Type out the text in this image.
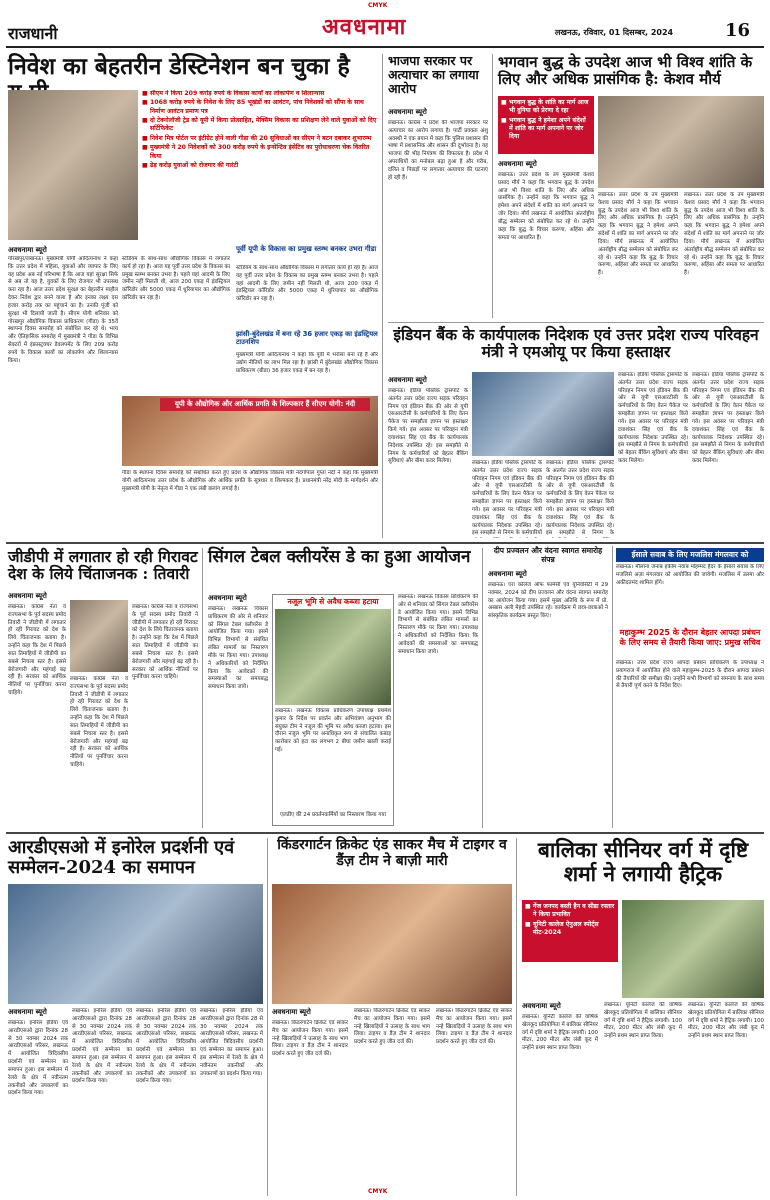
CMYK
राजधानी	अवधनामा	लखनऊ, रविवार, 01 दिसम्बर, 2024	16
निवेश का बेहतरीन डेस्टिनेशन बन चुका है
■ सीएम ने किया 209 करोड़ रुपये के विकास कार्यों का लोकार्पण व शिलान्यास
■ 1068 करोड़ रुपये के निवेश के लिए 85 भूखंडों का आवंटन, पांच निवेशकों को सौंपा के साथ निर्माण आवंटन प्रमाण पत्र
■ दो टेक्नोलॉजी ट्रेड को यूपी में किया प्रोत्साहित, मेक्सिम विकास का प्रशिक्षण लेने वाले युवाओं को दिए सर्टिफिकेट
■ निवेश मित्र पोर्टल पर इंटीग्रेट होने वाली गीडा की 20 सुविधाओं का सीएम ने बटन दबाकर शुभारम्भ
■ मुख्यमंत्री ने 20 निवेशकों को 300 करोड़ रुपये के इन्सेन्टिव इंसेटिव का पुरोधाधरणा चेक वितरित किया
■ ढेड़ करोड़ युवाओं को रोजगार की गारंटी
अवधनामा ब्यूरो
गोरखपुर/लखनऊ। मुख्यमंत्री योगी आदित्यनाथ ने कहा कि उत्तर प्रदेश में महिला, युवाओं और व्यापार के लिए यह प्रदेश अब नई परिभाषा है कि आज यहां सुरक्षा सिर्फ से अब तो यह है, युवकों के लिए रोजगार भी उपलब्ध करा रहा है। आज उत्तर प्रदेश सुरक्षा का बेहतरीन माहौल देकर निवेश द्वार बनने वाला है और इनका लक्ष्य दस हजार करोड़ तक का पहुंचाने का है। उनकी पूंजी को सुरक्षा भी दिलायी जाती है। सीएम योगी शनिवार को गोरखपुर औद्योगिक विकास प्राधिकरण (गीडा) के 35वें स्थापना दिवस समारोह को संबोधित कर रहे थे। भव्य और ऐतिहासिक समारोह में मुख्यमंत्री ने गीडा के विभिन्न सेक्टरों में इंफ्रास्ट्रक्चर डेवलपमेंट के लिए 209 करोड़ रुपये के विकास कार्यों का लोकार्पण और शिलान्यास किया।
पूर्वी यूपी के विकास का प्रमुख स्तम्भ बनकर उभरा गीडा
स्टेडियम के साथ-साथ औद्योगिक विकास में लगातार कार्य हो रहा है। आज यह पूर्वी उत्तर प्रदेश के विकास का प्रमुख स्तम्भ बनकर उभरा है। पहले यहां आदमी के लिए जमीन नहीं मिलती थी, आज 200 एकड़ में इंडस्ट्रियल कॉरिडोर और 5000 एकड़ में धुरियापार का औद्योगिक कॉरिडोर बन रहा है।
झांसी-बुंदेलखंड में बना रहे 36 हजार एकड़ का इंडस्ट्रियल टाउनशिप
मुख्यमंत्री योगी आदित्यनाथ ने कहा कि पूर्वी में भरोसा बना रहे हैं और उद्योग नीतियों का लाभ मिल रहा है। झांसी में बुंदेलखंड औद्योगिक विकास प्राधिकरण (बीडा) 36 हजार एकड़ में बन रहा है।
स्टेडियम के साथ-साथ औद्योगिक विकास में लगातार कार्य हो रहा है। आज यह पूर्वी उत्तर प्रदेश के विकास का प्रमुख स्तम्भ बनकर उभरा है। पहले यहां आदमी के लिए जमीन नहीं मिलती थी, आज 200 एकड़ में इंडस्ट्रियल कॉरिडोर और 5000 एकड़ में धुरियापार का औद्योगिक कॉरिडोर बन रहा है।
यूपी के औद्योगिक और आर्थिक प्रगति के शिल्पकार हैं सीएम योगी: नंदी
गीडा के स्थापना दिवस समारोह को संबोधित करते हुए प्रदेश के औद्योगिक विकास मंत्री नंदगोपाल गुप्ता नंदी ने कहा कि मुख्यमंत्री योगी आदित्यनाथ उत्तर प्रदेश के औद्योगिक और आर्थिक प्रगति के सूत्रधार व शिल्पकार हैं। प्रधानमंत्री नरेंद्र मोदी के मार्गदर्शन और मुख्यमंत्री योगी के नेतृत्व में गीडा ने एक लंबी छलांग लगाई है।
भाजपा सरकार पर अत्याचार का लगाया आरोप
अवधनामा ब्यूरो
लखनऊ। कांग्रेस ने प्रदेश की भाजपा सरकार पर अत्याचार का आरोप लगाया है। पार्टी प्रवक्ता अंशु अवस्थी ने एक बयान में कहा कि पुलिस प्रशासन की भाषा में प्रशासनिक और शासन की दुर्भावना है। यह भाजपा की भीड़ नियंत्रण की विफलता है। प्रदेश में अपराधियों का मनोबल बढ़ा हुआ है और गरीब, दलित व पिछड़ों पर लगातार अत्याचार की घटनाएं हो रही हैं।
भगवान बुद्ध के उपदेश आज भी विश्व शांति के लिए और अधिक प्रासंगिक है: केशव मौर्य
■ भगवान बुद्ध के शांति का मार्ग आज भी दुनिया को प्रेरणा दे रहा
■ भगवान बुद्ध ने हमेशा अपने संदेशों में शांति का मार्ग अपनाने पर जोर दिया
अवधनामा ब्यूरो
लखनऊ। उत्तर प्रदेश के उप मुख्यमंत्री केशव प्रसाद मौर्य ने कहा कि भगवान बुद्ध के उपदेश आज भी विश्व शांति के लिए और अधिक प्रासंगिक है। उन्होंने कहा कि भगवान बुद्ध ने हमेशा अपने संदेशों में शांति का मार्ग अपनाने पर जोर दिया। मौर्य लखनऊ में आयोजित अंतर्राष्ट्रीय बौद्ध सम्मेलन को संबोधित कर रहे थे। उन्होंने कहा कि बुद्ध के विचार करुणा, अहिंसा और समता पर आधारित हैं।
लखनऊ। उत्तर प्रदेश के उप मुख्यमंत्री केशव प्रसाद मौर्य ने कहा कि भगवान बुद्ध के उपदेश आज भी विश्व शांति के लिए और अधिक प्रासंगिक है। उन्होंने कहा कि भगवान बुद्ध ने हमेशा अपने संदेशों में शांति का मार्ग अपनाने पर जोर दिया। मौर्य लखनऊ में आयोजित अंतर्राष्ट्रीय बौद्ध सम्मेलन को संबोधित कर रहे थे। उन्होंने कहा कि बुद्ध के विचार करुणा, अहिंसा और समता पर आधारित हैं।
लखनऊ। उत्तर प्रदेश के उप मुख्यमंत्री केशव प्रसाद मौर्य ने कहा कि भगवान बुद्ध के उपदेश आज भी विश्व शांति के लिए और अधिक प्रासंगिक है। उन्होंने कहा कि भगवान बुद्ध ने हमेशा अपने संदेशों में शांति का मार्ग अपनाने पर जोर दिया। मौर्य लखनऊ में आयोजित अंतर्राष्ट्रीय बौद्ध सम्मेलन को संबोधित कर रहे थे। उन्होंने कहा कि बुद्ध के विचार करुणा, अहिंसा और समता पर आधारित हैं।
इंडियन बैंक के कार्यपालक निदेशक एवं उत्तर प्रदेश राज्य परिवहन मंत्री ने एमओयू पर किया हस्ताक्षर
अवधनामा ब्यूरो
लखनऊ। इंडिया पब्लिक ट्रांसपोर्ट के अंतर्गत उत्तर प्रदेश राज्य सड़क परिवहन निगम एवं इंडियन बैंक की ओर से यूपी एसआरटीसी के कर्मचारियों के लिए वेतन पैकेज पर समझौता ज्ञापन पर हस्ताक्षर किये गये। इस अवसर पर परिवहन मंत्री दयाशंकर सिंह एवं बैंक के कार्यपालक निदेशक उपस्थित रहे। इस समझौते से निगम के कर्मचारियों को बेहतर बैंकिंग सुविधाएं और बीमा कवर मिलेगा।	लखनऊ। इंडिया पब्लिक ट्रांसपोर्ट के अंतर्गत उत्तर प्रदेश राज्य सड़क परिवहन निगम एवं इंडियन बैंक की ओर से यूपी एसआरटीसी के कर्मचारियों के लिए वेतन पैकेज पर समझौता ज्ञापन पर हस्ताक्षर किये गये। इस अवसर पर परिवहन मंत्री दयाशंकर सिंह एवं बैंक के कार्यपालक निदेशक उपस्थित रहे। इस समझौते से निगम के कर्मचारियों
लखनऊ। इंडिया पब्लिक ट्रांसपोर्ट के अंतर्गत उत्तर प्रदेश राज्य सड़क परिवहन निगम एवं इंडियन बैंक की ओर से यूपी एसआरटीसी के कर्मचारियों के लिए वेतन पैकेज पर समझौता ज्ञापन पर हस्ताक्षर किये गये। इस अवसर पर परिवहन मंत्री दयाशंकर सिंह एवं बैंक के कार्यपालक निदेशक उपस्थित रहे। इस समझौते से निगम के
लखनऊ। इंडिया पब्लिक ट्रांसपोर्ट के अंतर्गत उत्तर प्रदेश राज्य सड़क परिवहन निगम एवं इंडियन बैंक की ओर से यूपी एसआरटीसी के कर्मचारियों के लिए वेतन पैकेज पर समझौता ज्ञापन पर हस्ताक्षर किये गये। इस अवसर पर परिवहन मंत्री दयाशंकर सिंह एवं बैंक के कार्यपालक निदेशक उपस्थित रहे। इस समझौते से निगम के कर्मचारियों को बेहतर बैंकिंग सुविधाएं और बीमा कवर मिलेगा।
लखनऊ। इंडिया पब्लिक ट्रांसपोर्ट के अंतर्गत उत्तर प्रदेश राज्य सड़क परिवहन निगम एवं इंडियन बैंक की ओर से यूपी एसआरटीसी के कर्मचारियों के लिए वेतन पैकेज पर समझौता ज्ञापन पर हस्ताक्षर किये गये। इस अवसर पर परिवहन मंत्री दयाशंकर सिंह एवं बैंक के कार्यपालक निदेशक उपस्थित रहे। इस समझौते से निगम के कर्मचारियों को बेहतर बैंकिंग सुविधाएं और बीमा कवर मिलेगा।
जीडीपी में लगातार हो रही गिरावट देश के लिये चिंताजनक : तिवारी
अवधनामा ब्यूरो
लखनऊ। कांग्रेस नेता व राज्यसभा के पूर्व सदस्य प्रमोद तिवारी ने जीडीपी में लगातार हो रही गिरावट को देश के लिये चिंताजनक बताया है। उन्होंने कहा कि देश में पिछले सात तिमाहियों में जीडीपी का सबसे निचला स्तर है। इससे बेरोजगारी और महंगाई बढ़ रही है। सरकार को आर्थिक नीतियों पर पुनर्विचार करना चाहिये।
लखनऊ। कांग्रेस नेता व राज्यसभा के पूर्व सदस्य प्रमोद तिवारी ने जीडीपी में लगातार हो रही गिरावट को देश के लिये चिंताजनक बताया है। उन्होंने कहा कि देश में पिछले सात तिमाहियों में जीडीपी का सबसे निचला स्तर है। इससे बेरोजगारी और महंगाई बढ़ रही है। सरकार को आर्थिक नीतियों पर पुनर्विचार करना चाहिये।
लखनऊ। कांग्रेस नेता व राज्यसभा के पूर्व सदस्य प्रमोद तिवारी ने जीडीपी में लगातार हो रही गिरावट को देश के लिये चिंताजनक बताया है। उन्होंने कहा कि देश में पिछले सात तिमाहियों में जीडीपी का सबसे निचला स्तर है। इससे बेरोजगारी और महंगाई बढ़ रही है। सरकार को आर्थिक नीतियों पर पुनर्विचार करना चाहिये।
सिंगल टेबल क्लीयरेंस डे का हुआ आयोजन
अवधनामा ब्यूरो
लखनऊ। लखनऊ विकास प्राधिकरण की ओर से शनिवार को सिंगल टेबल क्लीयरेंस डे आयोजित किया गया। इसमें विभिन्न विभागों से संबंधित लंबित मामलों का निस्तारण मौके पर किया गया। उपाध्यक्ष ने अधिकारियों को निर्देशित किया कि आवेदकों की समस्याओं का समयबद्ध समाधान किया जाये।
नजूल भूमि से अवैध कब्जा हटाया
लखनऊ। लखनऊ विकास प्राधिकरण उपाध्यक्ष प्रथमेश कुमार के निर्देश पर प्रवर्तन और अभियंत्रण अनुभाग की संयुक्त टीम ने नजूल की भूमि पर अवैध कब्जा हटाया। इस दौरान नजूल भूमि पर अनाधिकृत रूप से संचालित कबाड़ कारोबार को हटा कर लगभग 2 बीघा जमीन खाली कराई गई।
एलडीए की 24 प्रवर्तनकर्मियों का निस्तारण किया गया
लखनऊ। लखनऊ विकास प्राधिकरण की ओर से शनिवार को सिंगल टेबल क्लीयरेंस डे आयोजित किया गया। इसमें विभिन्न विभागों से संबंधित लंबित मामलों का निस्तारण मौके पर किया गया। उपाध्यक्ष ने अधिकारियों को निर्देशित किया कि आवेदकों की समस्याओं का समयबद्ध समाधान किया जाये।
दीप प्रज्वलन और वंदना स्वागत समारोह संपन्न
अवधनामा ब्यूरो
लखनऊ। एरा कॉलेज ऑफ फार्मेसी एवं यूनिवर्सिटी में 29 नवम्बर, 2024 को दीप प्रज्वलन और वंदना स्वागत समारोह का आयोजन किया गया। इसमें मुख्य अतिथि के रूप में प्रो. अब्बास अली मेहदी उपस्थित रहे। कार्यक्रम में छात्र-छात्राओं ने सांस्कृतिक कार्यक्रम प्रस्तुत किए।
ईसाले सवाब के लिए मजलिस मंगलवार को
लखनऊ। मौलाना जनाब हकीम नवाब मोहम्मद हैदर के ईसाले सवाब के लिए मजलिसे अज़ा मंगलवार को आयोजित की जायेगी। मजलिस में उलमा और अकीदतमंद शामिल होंगे।
महाकुम्भ 2025 के दौरान बेहतर आपदा प्रबंधन के लिए समय से तैयारी किया जाए: प्रमुख सचिव
लखनऊ। उत्तर प्रदेश राज्य आपदा प्रबंधन प्राधिकरण के उपाध्यक्ष ने प्रयागराज में आयोजित होने वाले महाकुम्भ-2025 के दौरान आपदा प्रबंधन की तैयारियों की समीक्षा की। उन्होंने सभी विभागों को समन्वय के साथ समय से तैयारी पूर्ण करने के निर्देश दिए।
आरडीएसओ में इनोरेल प्रदर्शनी एवं सम्मेलन-2024 का समापन
अवधनामा ब्यूरो
लखनऊ। इनोरेल इंडिया एवं आरडीएसओ द्वारा दिनांक 28 से 30 नवम्बर 2024 तक आरडीएसओ परिसर, लखनऊ में आयोजित त्रिदिवसीय प्रदर्शनी एवं सम्मेलन का समापन हुआ। इस सम्मेलन में रेलवे के क्षेत्र में नवीनतम तकनीकों और उपकरणों का प्रदर्शन किया गया।
लखनऊ। इनोरेल इंडिया एवं आरडीएसओ द्वारा दिनांक 28 से 30 नवम्बर 2024 तक आरडीएसओ परिसर, लखनऊ में आयोजित त्रिदिवसीय प्रदर्शनी एवं सम्मेलन का समापन हुआ। इस सम्मेलन में रेलवे के क्षेत्र में नवीनतम तकनीकों और उपकरणों का प्रदर्शन किया गया।
लखनऊ। इनोरेल इंडिया एवं आरडीएसओ द्वारा दिनांक 28 से 30 नवम्बर 2024 तक आरडीएसओ परिसर, लखनऊ में आयोजित त्रिदिवसीय प्रदर्शनी एवं सम्मेलन का समापन हुआ। इस सम्मेलन में रेलवे के क्षेत्र में नवीनतम तकनीकों और उपकरणों का प्रदर्शन किया गया।
लखनऊ। इनोरेल इंडिया एवं आरडीएसओ द्वारा दिनांक 28 से 30 नवम्बर 2024 तक आरडीएसओ परिसर, लखनऊ में आयोजित त्रिदिवसीय प्रदर्शनी एवं सम्मेलन का समापन हुआ। इस सम्मेलन में रेलवे के क्षेत्र में नवीनतम तकनीकों और उपकरणों का प्रदर्शन किया गया।
किंडरगार्टन क्रिकेट एंड साकर मैच में टाइगर व डैंज़ टीम ने बाज़ी मारी
अवधनामा ब्यूरो
लखनऊ। किंडरगार्टन क्रिकेट एंड साकर मैच का आयोजन किया गया। इसमें नन्हे खिलाड़ियों ने उत्साह के साथ भाग लिया। टाइगर व डैंज़ टीम ने शानदार प्रदर्शन करते हुए जीत दर्ज की।
लखनऊ। किंडरगार्टन क्रिकेट एंड साकर मैच का आयोजन किया गया। इसमें नन्हे खिलाड़ियों ने उत्साह के साथ भाग लिया। टाइगर व डैंज़ टीम ने शानदार प्रदर्शन करते हुए जीत दर्ज की।
लखनऊ। किंडरगार्टन क्रिकेट एंड साकर मैच का आयोजन किया गया। इसमें नन्हे खिलाड़ियों ने उत्साह के साथ भाग लिया। टाइगर व डैंज़ टीम ने शानदार प्रदर्शन करते हुए जीत दर्ज की।
बालिका सीनियर वर्ग में दृष्टि शर्मा ने लगायी हैट्रिक
■ गेंज जनपद बस्ती हैन व सीडा रफ्तार ने किया प्रभावित
■ यूनिटी कालेज ऐनुअल स्पोर्ट्स मीट-2024
अवधनामा ब्यूरो
लखनऊ। यूनिटी कालेज की वार्षिक खेलकूद प्रतियोगिता में बालिका सीनियर वर्ग में दृष्टि शर्मा ने हैट्रिक लगायी। 100 मीटर, 200 मीटर और लंबी कूद में उन्होंने प्रथम स्थान प्राप्त किया।
लखनऊ। यूनिटी कालेज की वार्षिक खेलकूद प्रतियोगिता में बालिका सीनियर वर्ग में दृष्टि शर्मा ने हैट्रिक लगायी। 100 मीटर, 200 मीटर और लंबी कूद में उन्होंने प्रथम स्थान प्राप्त किया।
लखनऊ। यूनिटी कालेज की वार्षिक खेलकूद प्रतियोगिता में बालिका सीनियर वर्ग में दृष्टि शर्मा ने हैट्रिक लगायी। 100 मीटर, 200 मीटर और लंबी कूद में उन्होंने प्रथम स्थान प्राप्त किया।
CMYK
